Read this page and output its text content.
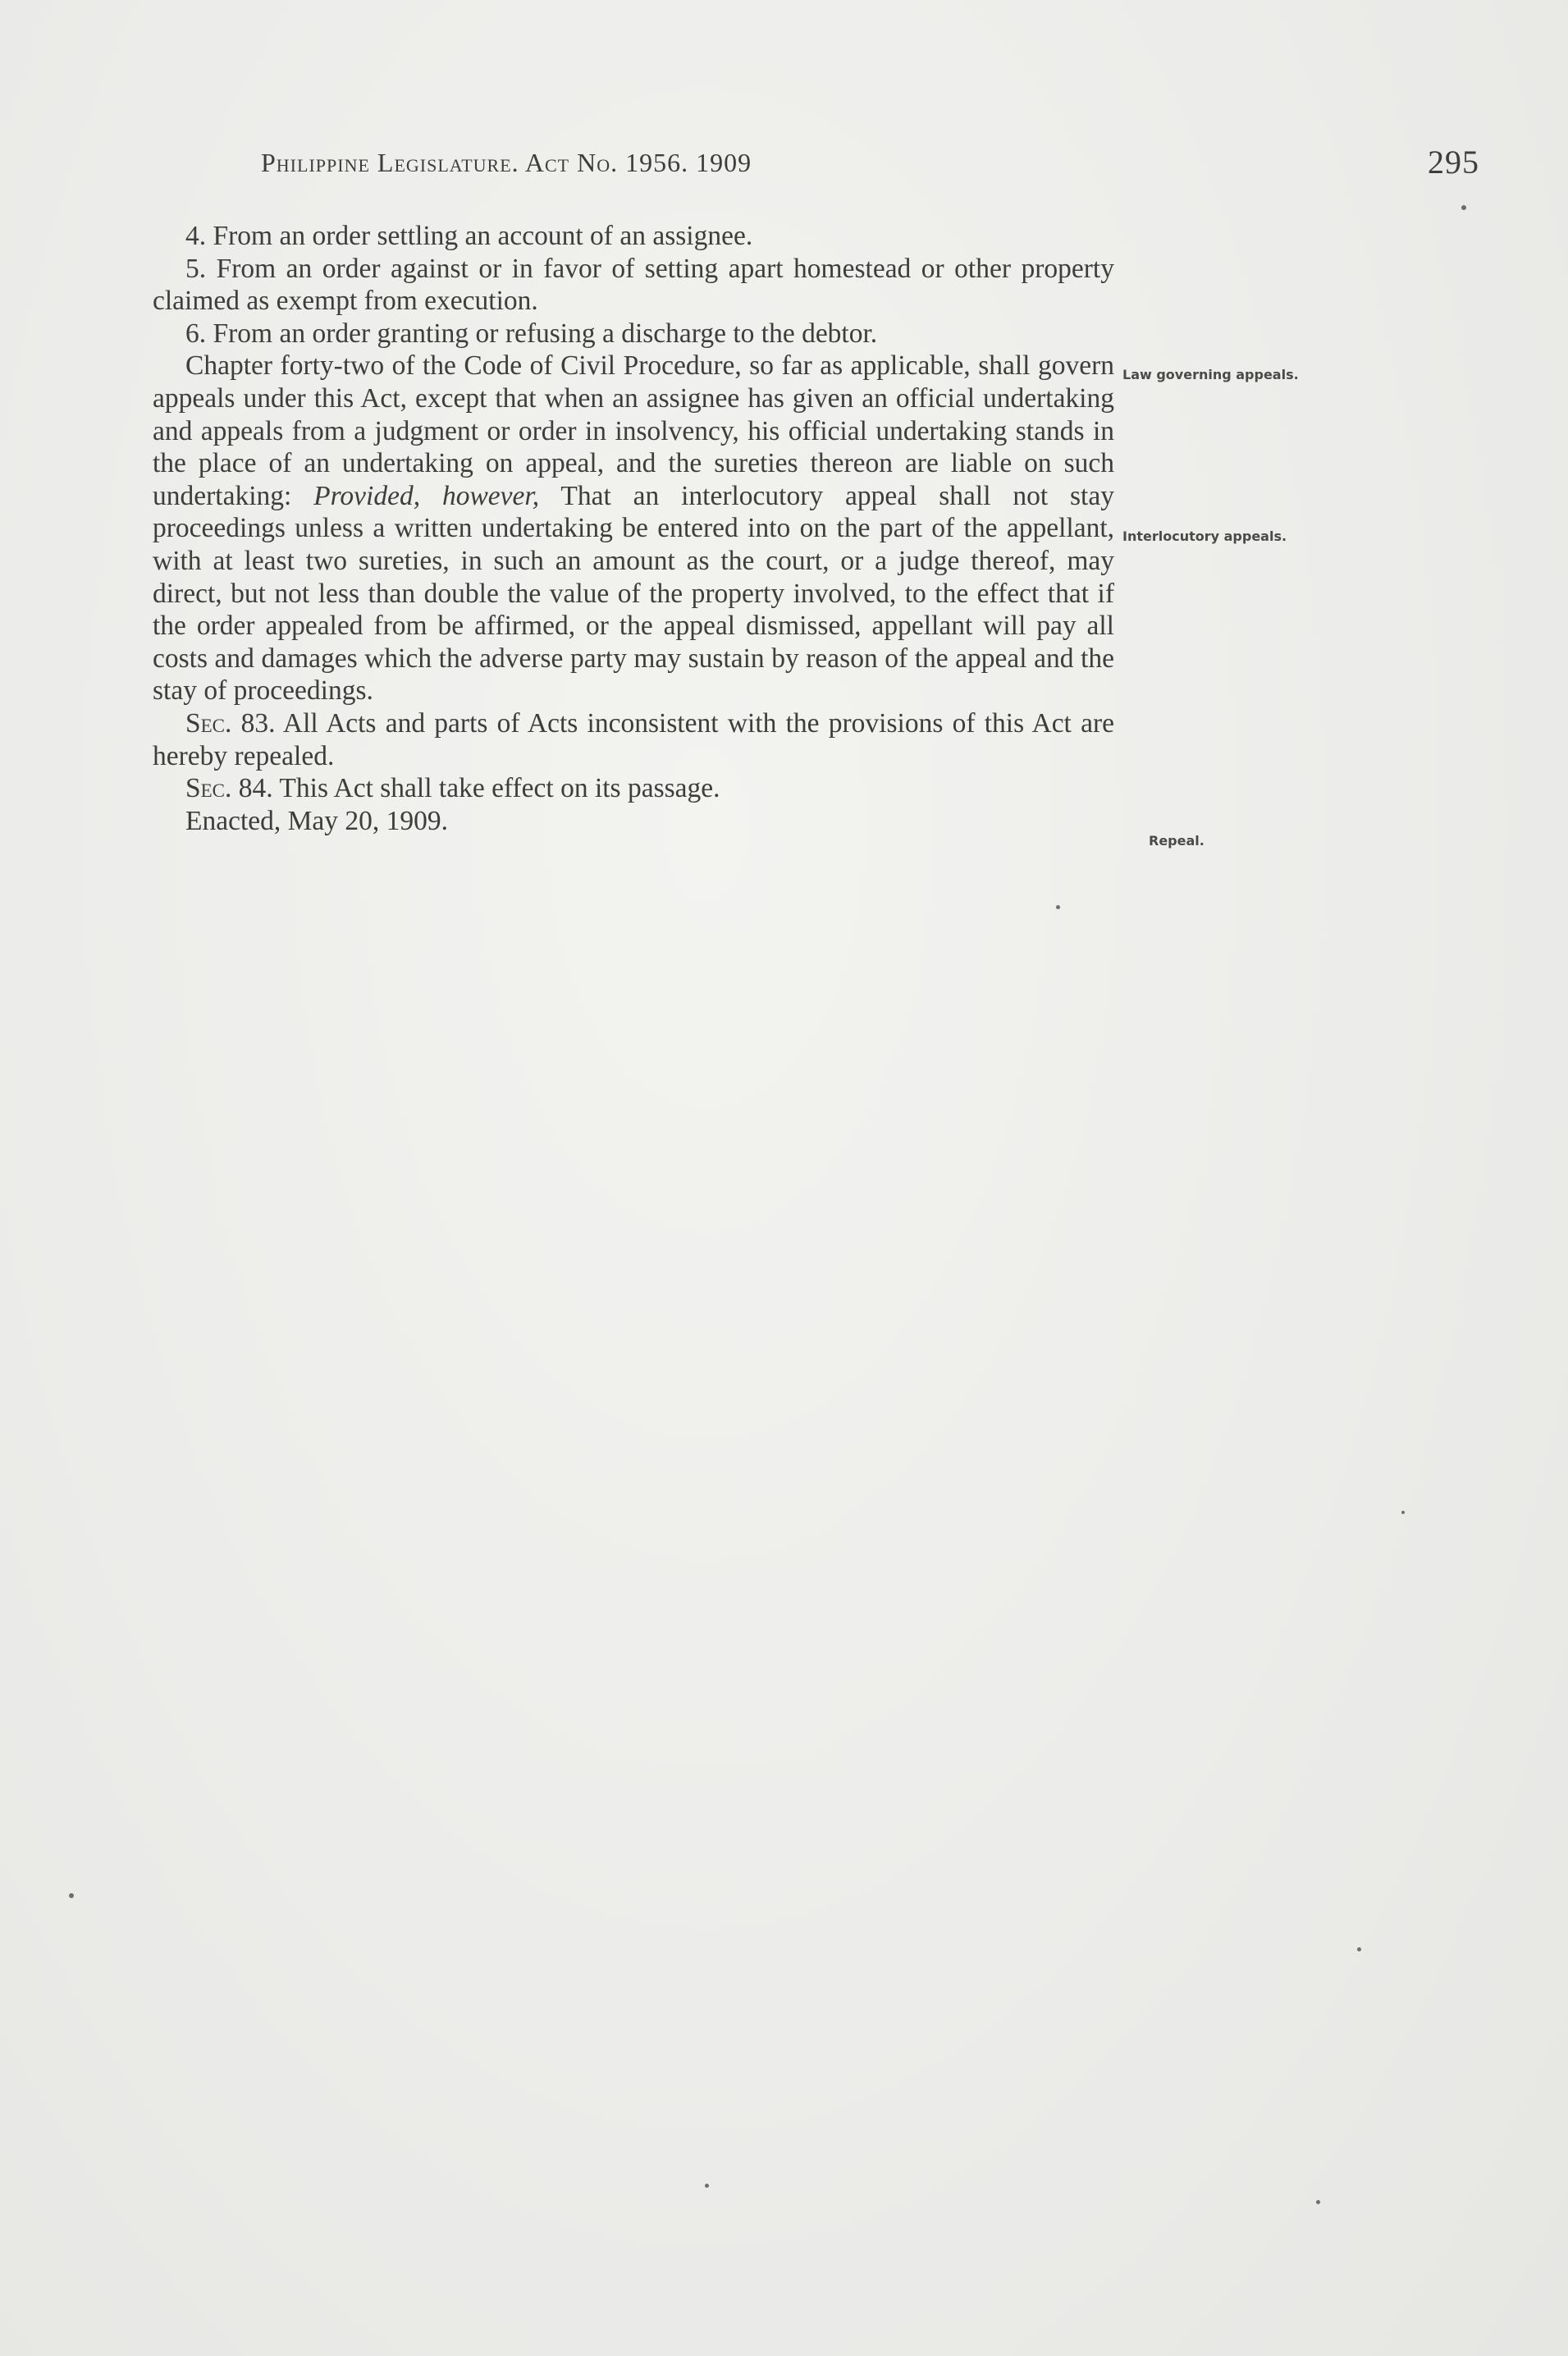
Philippine Legislature. Act No. 1956. 1909	295

4. From an order settling an account of an assignee.

5. From an order against or in favor of setting apart homestead or other property claimed as exempt from execution.

6. From an order granting or refusing a discharge to the debtor.

Chapter forty-two of the Code of Civil Procedure, so far as applicable, shall govern appeals under this Act, except that when an assignee has given an official undertaking and appeals from a judgment or order in insolvency, his official undertaking stands in the place of an undertaking on appeal, and the sureties thereon are liable on such undertaking: Provided, however, That an interlocutory appeal shall not stay proceedings unless a written undertaking be entered into on the part of the appellant, with at least two sureties, in such an amount as the court, or a judge thereof, may direct, but not less than double the value of the property involved, to the effect that if the order appealed from be affirmed, or the appeal dismissed, appellant will pay all costs and damages which the adverse party may sustain by reason of the appeal and the stay of proceedings.

Sec. 83. All Acts and parts of Acts inconsistent with the provisions of this Act are hereby repealed.

Sec. 84. This Act shall take effect on its passage.

Enacted, May 20, 1909.

Law governing appeals.
Interlocutory appeals.
Repeal.
